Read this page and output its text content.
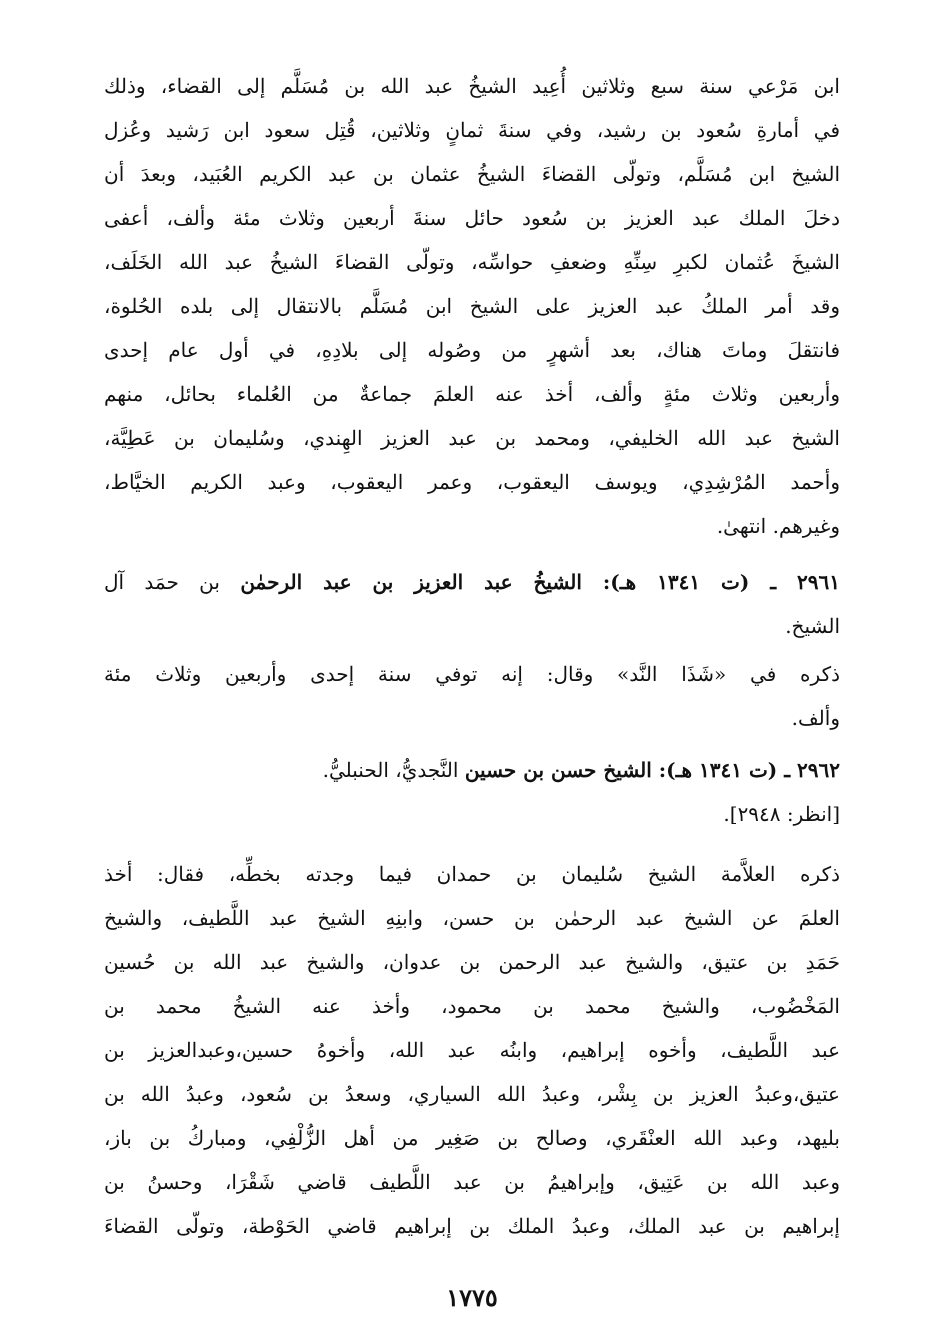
ابن مَرْعي سنة سبع وثلاثين أُعِيد الشيخُ عبد الله بن مُسَلَّم إلى القضاء، وذلك
في أمارةِ سُعود بن رشيد، وفي سنةَ ثمانٍ وثلاثين، قُتِل سعود ابن رَشيد وعُزل
الشيخ ابن مُسَلَّم، وتولّى القضاءَ الشيخُ عثمان بن عبد الكريم العُبَيد، وبعدَ أن
دخلَ الملك عبد العزيز بن سُعود حائل سنةَ أربعين وثلاث مئة وألف، أعفى
الشيخَ عُثمان لكبرِ سِنِّهِ وضعفِ حواسِّه، وتولّى القضاءَ الشيخُ عبد الله الخَلَف،
وقد أمر الملكُ عبد العزيز على الشيخ ابن مُسَلَّم بالانتقال إلى بلده الحُلوة،
فانتقلَ وماتَ هناك، بعد أشهرٍ من وصُوله إلى بلادِهِ، في أول عام إحدى
وأربعين وثلاث مئةٍ وألف، أخذ عنه العلمَ جماعةٌ من العُلماء بحائل، منهم
الشيخ عبد الله الخليفي، ومحمد بن عبد العزيز الهِندي، وسُليمان بن عَطِيَّة،
وأحمد المُرْشِدِي، ويوسف اليعقوب، وعمر اليعقوب، وعبد الكريم الخيَّاط،
وغيرهم. انتهىٰ.
٢٩٦١ ـ (ت ١٣٤١ هـ): الشيخُ عبد العزيز بن عبد الرحمٰن بن حمَد آل
الشيخ.
ذكره في «شَذَا النَّد» وقال: إنه توفي سنة إحدى وأربعين وثلاث مئة
وألف.
٢٩٦٢ ـ (ت ١٣٤١ هـ): الشيخ حسن بن حسين النَّجديُّ، الحنبليُّ.
[انظر: ٢٩٤٨].
ذكره العلاَّمة الشيخ سُليمان بن حمدان فيما وجدته بخطِّه، فقال: أخذ
العلمَ عن الشيخ عبد الرحمٰن بن حسن، وابنِهِ الشيخ عبد اللَّطيف، والشيخ
حَمَدِ بن عتيق، والشيخ عبد الرحمن بن عدوان، والشيخ عبد الله بن حُسين
المَخْضُوب، والشيخ محمد بن محمود، وأخذ عنه الشيخُ محمد بن
عبد اللَّطيف، وأخوه إبراهيم، وابنُه عبد الله، وأخوهُ حسين،وعبدالعزيز بن
عتيق،وعبدُ العزيز بن بِشْر، وعبدُ الله السياري، وسعدُ بن سُعود، وعبدُ الله بن
بليهد، وعبد الله العنْقَري، وصالح بن صَغِير من أهل الزُّلْفِي، ومباركُ بن باز،
وعبد الله بن عَتِيق، وإبراهيمُ بن عبد اللَّطيف قاضي شَقْرَا، وحسنُ بن
إبراهيم بن عبد الملك، وعبدُ الملك بن إبراهيم قاضي الحَوْطة، وتولّى القضاءَ
١٧٧٥
